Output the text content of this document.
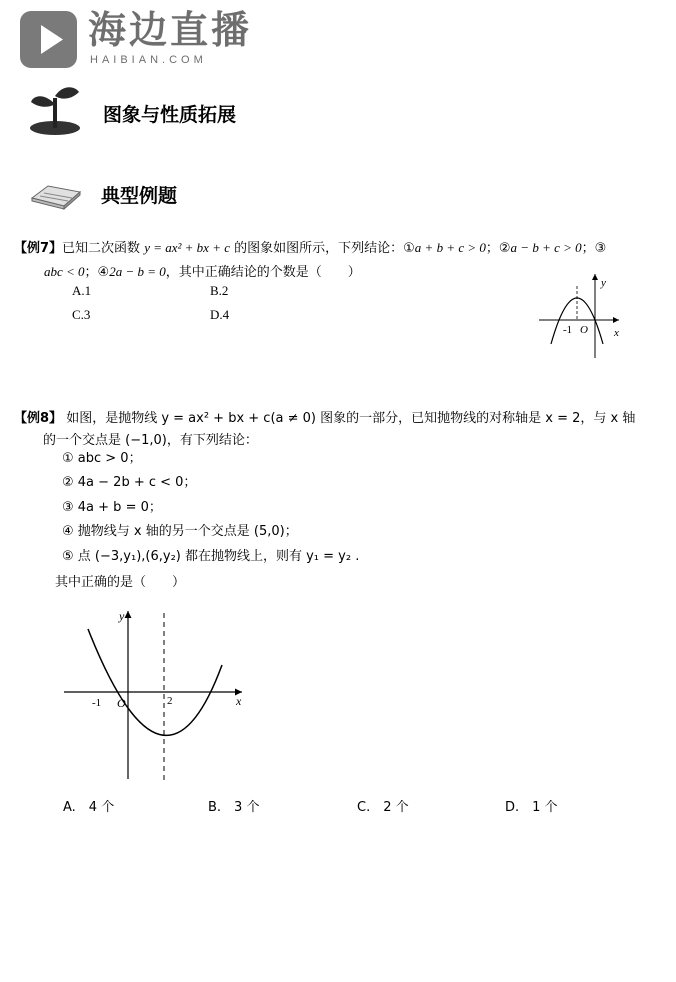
海边直播
HAIBIAN.COM
图象与性质拓展
典型例题
【例7】已知二次函数 y = ax² + bx + c 的图象如图所示，下列结论：①a + b + c > 0；②a − b + c > 0；③
abc < 0；④2a − b = 0，其中正确结论的个数是（　　）
A.1	B.2
C.3	D.4
y
x
-1 O
【例8】 如图，是抛物线 y = ax² + bx + c(a ≠ 0) 图象的一部分，已知抛物线的对称轴是 x = 2，与 x 轴
的一个交点是 (−1,0)，有下列结论：
① abc > 0；
② 4a − 2b + c < 0；
③ 4a + b = 0；
④ 抛物线与 x 轴的另一个交点是 (5,0)；
⑤ 点 (−3,y₁),(6,y₂) 都在抛物线上，则有 y₁ = y₂ .
其中正确的是（　　）
y
x
-1 O	2
A.　4 个	B.　3 个	C.　2 个	D.　1 个
